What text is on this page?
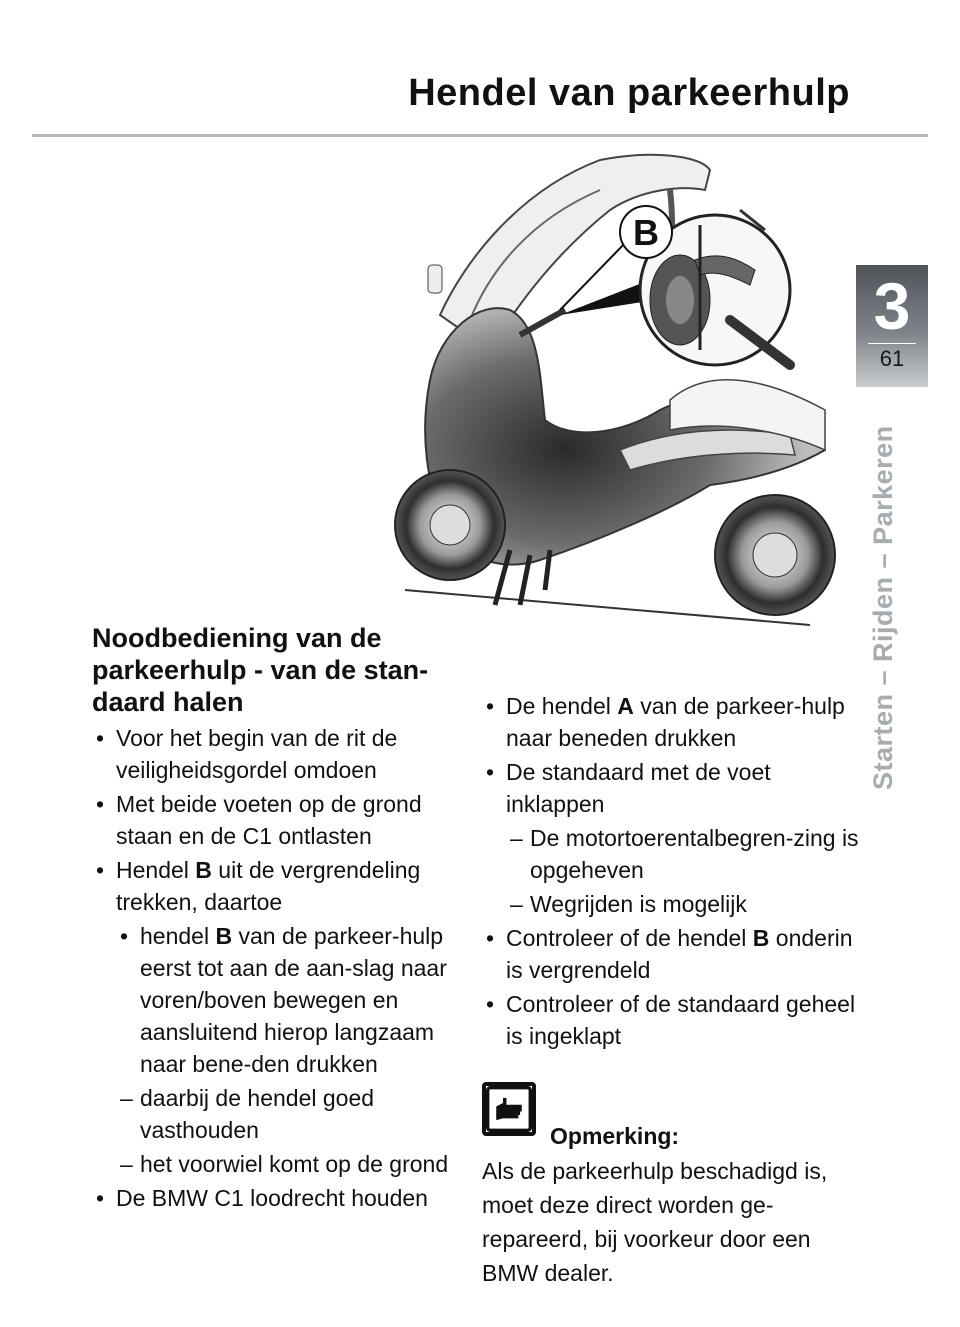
Hendel van parkeerhulp
3
61
Starten – Rijden – Parkeren
B
Noodbediening van de parkeerhulp - van de stan-daard halen

• Voor het begin van de rit de veiligheidsgordel omdoen

• Met beide voeten op de grond staan en de C1 ontlasten

• Hendel B uit de vergrendeling trekken, daartoe

• hendel B van de parkeer-hulp eerst tot aan de aan-slag naar voren/boven bewegen en aansluitend hierop langzaam naar bene-den drukken

– daarbij de hendel goed vasthouden

– het voorwiel komt op de grond

• De BMW C1 loodrecht houden

• De hendel A van de parkeer-hulp naar beneden drukken

• De standaard met de voet inklappen

– De motortoerentalbegren-zing is opgeheven

– Wegrijden is mogelijk

• Controleer of de hendel B onderin is vergrendeld

• Controleer of de standaard geheel is ingeklapt

Opmerking:
Als de parkeerhulp beschadigd is, moet deze direct worden ge-repareerd, bij voorkeur door een BMW dealer.
